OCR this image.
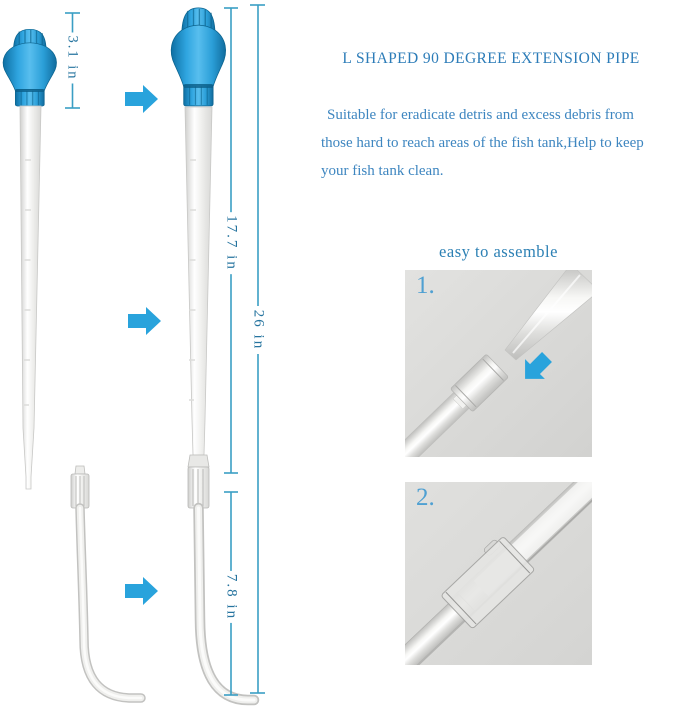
3.1 in
17.7 in
26 in
7.8 in
L SHAPED 90 DEGREE EXTENSION PIPE
Suitable for eradicate detris and excess debris from
those hard to reach areas of the fish tank,Help to keep
your fish tank clean.
easy to assemble
1.
2.
